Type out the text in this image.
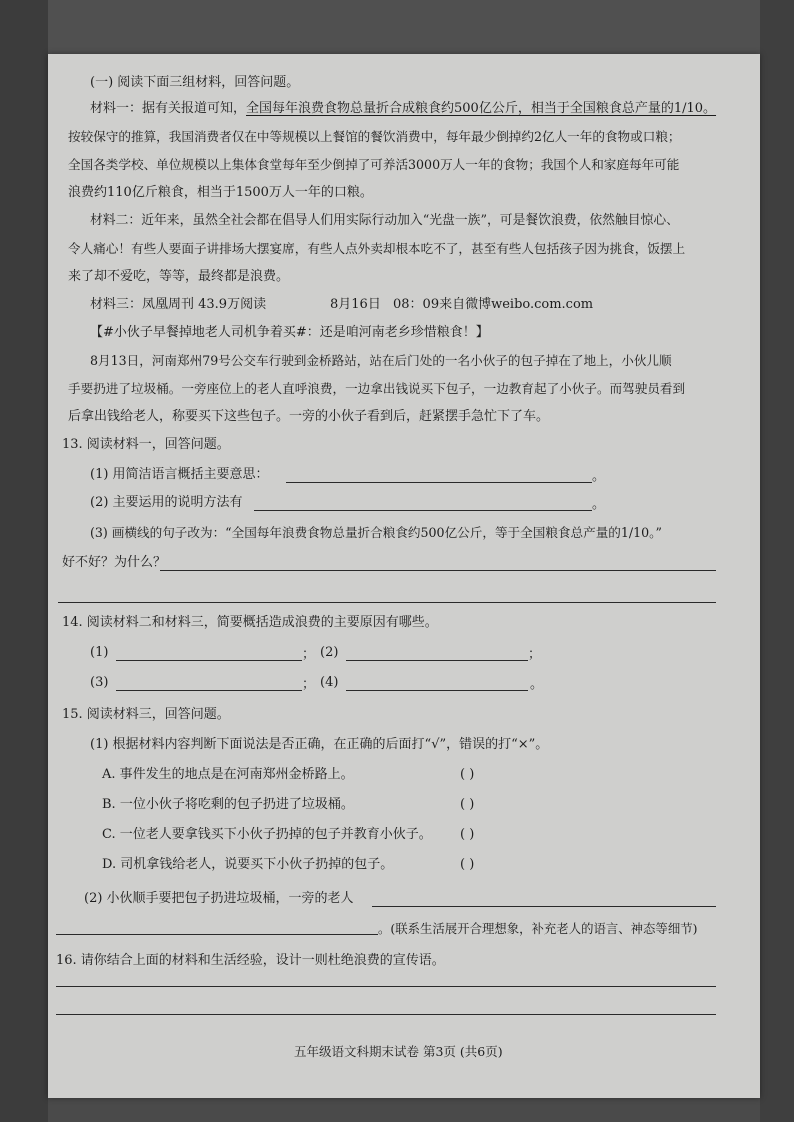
(一) 阅读下面三组材料，回答问题。
材料一：据有关报道可知，全国每年浪费食物总量折合成粮食约500亿公斤，相当于全国粮食总产量的1/10。
按较保守的推算，我国消费者仅在中等规模以上餐馆的餐饮消费中，每年最少倒掉约2亿人一年的食物或口粮；
全国各类学校、单位规模以上集体食堂每年至少倒掉了可养活3000万人一年的食物；我国个人和家庭每年可能
浪费约110亿斤粮食，相当于1500万人一年的口粮。
材料二：近年来，虽然全社会都在倡导人们用实际行动加入“光盘一族”，可是餐饮浪费，依然触目惊心、
令人痛心！有些人要面子讲排场大摆宴席，有些人点外卖却根本吃不了，甚至有些人包括孩子因为挑食，饭摆上
来了却不爱吃，等等，最终都是浪费。
材料三：凤凰周刊 43.9万阅读	8月16日 08：09来自微博weibo.com.com
【#小伙子早餐掉地老人司机争着买#：还是咱河南老乡珍惜粮食！】
8月13日，河南郑州79号公交车行驶到金桥路站，站在后门处的一名小伙子的包子掉在了地上，小伙儿顺
手要扔进了垃圾桶。一旁座位上的老人直呼浪费，一边拿出钱说买下包子，一边教育起了小伙子。而驾驶员看到
后拿出钱给老人，称要买下这些包子。一旁的小伙子看到后，赶紧摆手急忙下了车。
13. 阅读材料一，回答问题。
(1) 用简洁语言概括主要意思：	。
(2) 主要运用的说明方法有	。
(3) 画横线的句子改为：“全国每年浪费食物总量折合粮食约500亿公斤，等于全国粮食总产量的1/10。”
好不好？为什么？
14. 阅读材料二和材料三，简要概括造成浪费的主要原因有哪些。
(1)	； (2)	；
(3)	； (4)	。
15. 阅读材料三，回答问题。
(1) 根据材料内容判断下面说法是否正确，在正确的后面打“√”，错误的打“×”。
A. 事件发生的地点是在河南郑州金桥路上。	( )
B. 一位小伙子将吃剩的包子扔进了垃圾桶。	( )
C. 一位老人要拿钱买下小伙子扔掉的包子并教育小伙子。 ( )
D. 司机拿钱给老人，说要买下小伙子扔掉的包子。	( )
(2) 小伙顺手要把包子扔进垃圾桶，一旁的老人
。(联系生活展开合理想象，补充老人的语言、神态等细节)
16. 请你结合上面的材料和生活经验，设计一则杜绝浪费的宣传语。
五年级语文科期末试卷 第3页 (共6页)
